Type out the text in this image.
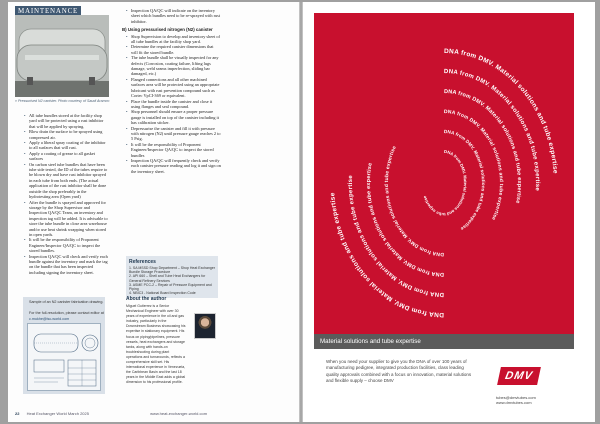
MAINTENANCE
» Pressurised N2 canister. Photo courtesy of Saudi Aramco
• All tube bundles stored at the facility shop yard will be protected using a rust inhibitor that will be applied by spraying.
• Blow drain the surface to be sprayed using compressed air.
• Apply a liberal spray coating of the inhibitor to all surfaces that will rust.
• Apply a coating of grease to all gasket surfaces
• On carbon steel tube bundles that have been tube side tested, the ID of the tubes require to be blown dry and have rust inhibitor sprayed in each tube from both ends. (The actual application of the rust inhibitor shall be done outside the shop preferably in the hydrotesting area (Open yard)
• After the bundle is sprayed and approved for storage by the Shop Supervisor and Inspection QA/QC Team, an inventory and inspection tag will be added. It is advisable to store the tube bundle in close area warehouse and/or use heat shrink wrapping when stored in open yards.
• It will be the responsibility of Proponent Engineer/Inspector QA/QC to inspect the stored bundles.
• Inspection QA/QC will check and verify each bundle against the inventory and mark the tag on the bundle that has been inspected including signing the inventory sheet.
• Inspection QA/QC will indicate on the inventory sheet which bundles need to be re-sprayed with rust inhibitor.
B) Using pressurised nitrogen (N2) canister
• Shop Supervision to develop and inventory sheet of all tube bundles at the facility shop yard.
• Determine the required canister dimensions that will fit the stored bundle.
• The tube bundle shall be visually inspected for any defects (Corrosion, coating failure, lifting lugs damage, weld seams imperfection, sliding bar damaged, etc.)
• Flanged connections and all other machined surfaces area will be protected using an appropriate lubricant with rust prevention compound such as Cortec VpCI-369 or equivalent.
• Place the bundle inside the canister and close it using flanges and seal compound.
• Shop personnel should ensure a proper pressure gauge is installed on top of the canister including it has calibration sticker.
• Depressurise the canister and fill it with pressure with nitrogen (N2) until pressure gauge reaches 2 to 5 Psig.
• It will be the responsibility of Proponent Engineer/Inspector QA/QC to inspect the stored bundles
• Inspection QA/QC will frequently check and verify each canister pressure reading and log it and sign on the inventory sheet.
References
1. SA MSSD Shop Department – Shop Heat Exchanger Bundle Storage Procedure
2. API 660 – Shell and Tube Heat Exchangers for General Refinery Services
3. ASME PCC-2 – Repair of Pressure Equipment and Piping
4. NBIC3 - National Board Inspection Code
About the author
Miguel Gutierrez is a Senior Mechanical Engineer with over 30 years of experience in the oil and gas industry, particularly in the Downstream Business showcasing his expertise in stationary equipment. His focus on piping/pipelines, pressure vessels, heat exchangers and storage tanks, along with hands-on troubleshooting during plant operations and turnarounds, reflects a comprehensive skill set. His international experience in Venezuela, the Caribbean Basin and the last 18 years in the Middle East adds a global dimension to his professional profile.
Sample of an N2 canister fabrication drawing.
For the full-resolution, please contact editor at
c.mukhe@lsc-world.com
22 Heat Exchanger World March 2025	www.heat-exchanger-world.com
DNA from DMV. Material solutions and tube expertise
DNA from DMV. Material solutions and tube expertise
DNA from DMV. Material solutions and tube expertise
DNA from DMV. Material solutions and tube expertise
DNA from DMV. Material solutions and tube expertise
DNA from DMV. Material solutions and tube expertise
DNA from DMV. Material solutions and tube expertise
DNA from DMV. Material solutions and tube expertise
DNA from DMV. Material solutions and tube expertise
DNA from DMV. Material solutions and tube expertise
Material solutions and tube expertise
When you need your supplier to give you the DNA of over 100 years of manufacturing pedigree, integrated production facilities, class leading quality approvals combined with a focus on innovation, material solutions and flexible supply – choose DMV	DMV
tubes@dmvtubes.com
www.dmvtubes.com
